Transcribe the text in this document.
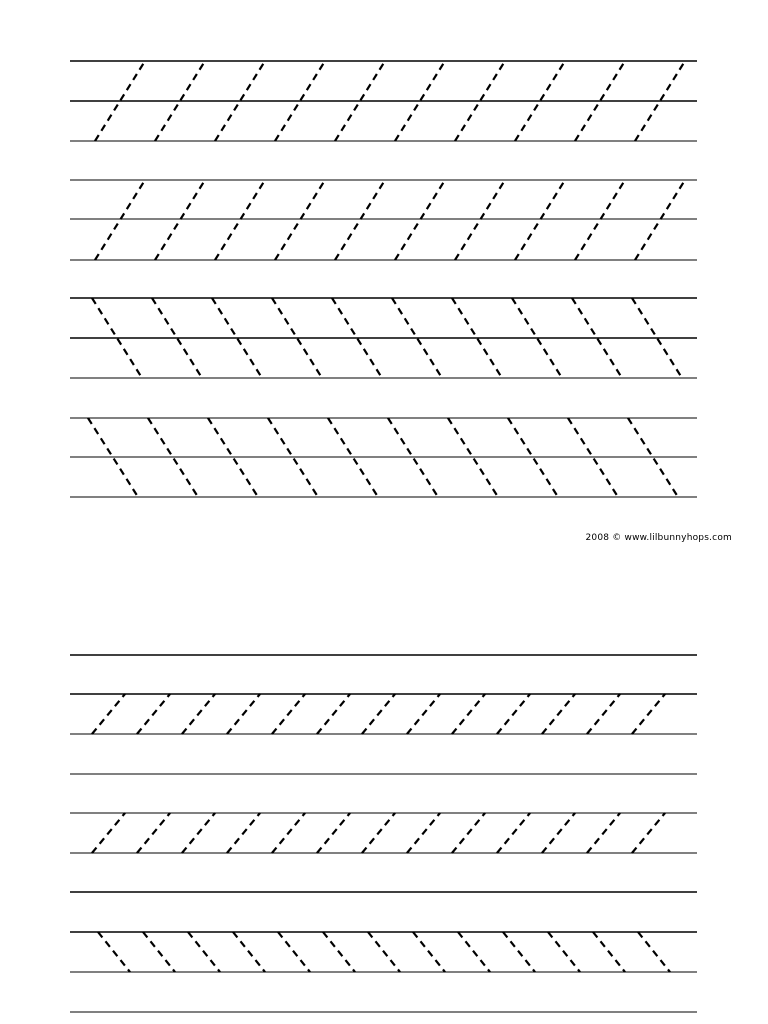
2008 © www.lilbunnyhops.com
